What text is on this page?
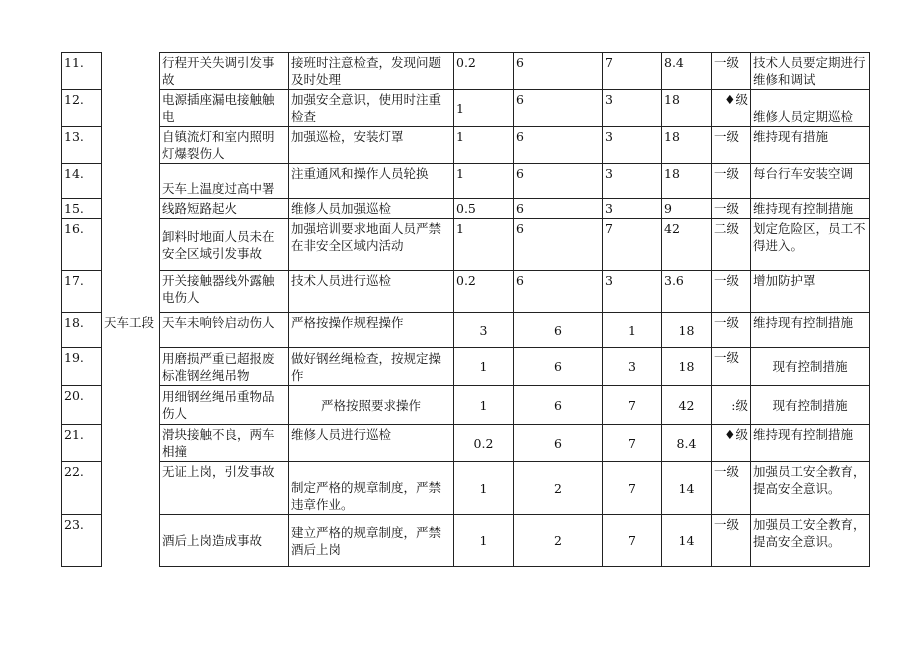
11.		行程开关失调引发事故	接班时注意检查，发现问题及时处理	0.2	6	7	8.4	一级	技术人员要定期进行维修和调试
12.		电源插座漏电接触触电	加强安全意识，使用时注重检查	1	6	3	18	♦级	维修人员定期巡检
13.		自镇流灯和室内照明灯爆裂伤人	加强巡检，安装灯罩	1	6	3	18	一级	维持现有措施
14.		天车上温度过高中署	注重通风和操作人员轮换	1	6	3	18	一级	每台行车安装空调
15.		线路短路起火	维修人员加强巡检	0.5	6	3	9	一级	维持现有控制措施
16.		卸料时地面人员未在安全区域引发事故	加强培训要求地面人员严禁在非安全区域内活动	1	6	7	42	二级	划定危险区，员工不得进入。
17.		开关接触器线外露触电伤人	技术人员进行巡检	0.2	6	3	3.6	一级	增加防护罩
18.	天车工段	天车未响铃启动伤人	严格按操作规程操作	3	6	1	18	一级	维持现有控制措施
19.		用磨损严重已超报废标准钢丝绳吊物	做好钢丝绳检查，按规定操作	1	6	3	18	一级	现有控制措施
20.		用细钢丝绳吊重物品伤人	严格按照要求操作	1	6	7	42	:级	现有控制措施
21.		滑块接触不良，两车相撞	维修人员进行巡检	0.2	6	7	8.4	♦级	维持现有控制措施
22.		无证上岗，引发事故	制定严格的规章制度，严禁违章作业。	1	2	7	14	一级	加强员工安全教育，提高安全意识。
23.		酒后上岗造成事故	建立严格的规章制度，严禁酒后上岗	1	2	7	14	一级	加强员工安全教育，提高安全意识。
